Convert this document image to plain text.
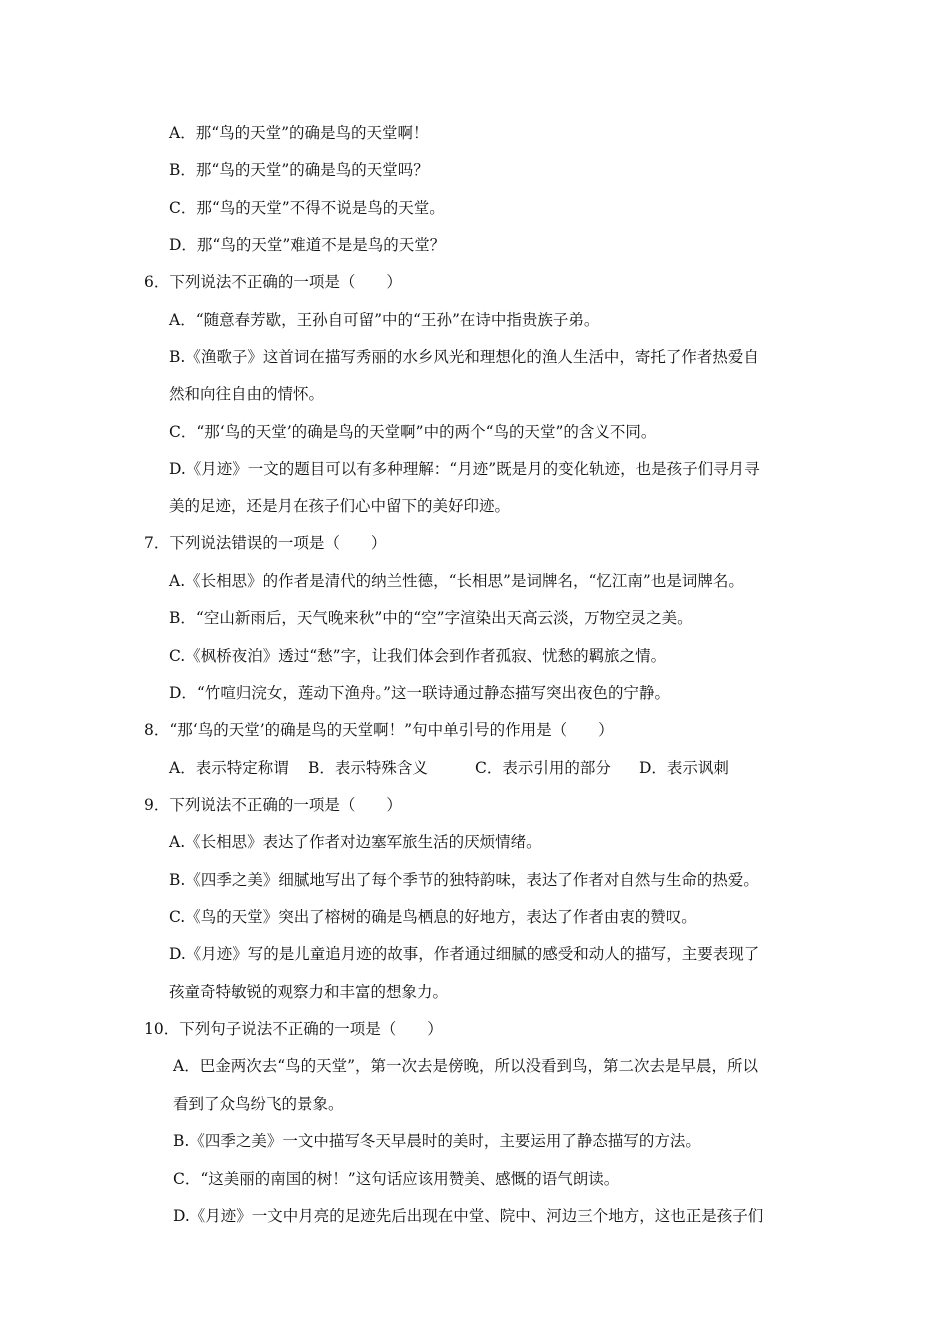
A．那“鸟的天堂”的确是鸟的天堂啊！
B．那“鸟的天堂”的确是鸟的天堂吗？
C．那“鸟的天堂”不得不说是鸟的天堂。
D．那“鸟的天堂”难道不是是鸟的天堂？
6．下列说法不正确的一项是（　　）
A．“随意春芳歇，王孙自可留”中的“王孙”在诗中指贵族子弟。
B.《渔歌子》这首词在描写秀丽的水乡风光和理想化的渔人生活中，寄托了作者热爱自
然和向往自由的情怀。
C．“那‘鸟的天堂’的确是鸟的天堂啊”中的两个“鸟的天堂”的含义不同。
D.《月迹》一文的题目可以有多种理解：“月迹”既是月的变化轨迹，也是孩子们寻月寻
美的足迹，还是月在孩子们心中留下的美好印迹。
7．下列说法错误的一项是（　　）
A.《长相思》的作者是清代的纳兰性德，“长相思”是词牌名，“忆江南”也是词牌名。
B．“空山新雨后，天气晚来秋”中的“空”字渲染出天高云淡，万物空灵之美。
C.《枫桥夜泊》透过“愁”字，让我们体会到作者孤寂、忧愁的羁旅之情。
D．“竹喧归浣女，莲动下渔舟。”这一联诗通过静态描写突出夜色的宁静。
8．“那‘鸟的天堂’的确是鸟的天堂啊！”句中单引号的作用是（　　）
A．表示特定称谓 B．表示特殊含义	C．表示引用的部分 D．表示讽刺
9．下列说法不正确的一项是（　　）
A.《长相思》表达了作者对边塞军旅生活的厌烦情绪。
B.《四季之美》细腻地写出了每个季节的独特韵味，表达了作者对自然与生命的热爱。
C.《鸟的天堂》突出了榕树的确是鸟栖息的好地方，表达了作者由衷的赞叹。
D.《月迹》写的是儿童追月迹的故事，作者通过细腻的感受和动人的描写，主要表现了
孩童奇特敏锐的观察力和丰富的想象力。
10．下列句子说法不正确的一项是（　　）
A．巴金两次去“鸟的天堂”，第一次去是傍晚，所以没看到鸟，第二次去是早晨，所以
看到了众鸟纷飞的景象。
B.《四季之美》一文中描写冬天早晨时的美时，主要运用了静态描写的方法。
C．“这美丽的南国的树！”这句话应该用赞美、感慨的语气朗读。
D.《月迹》一文中月亮的足迹先后出现在中堂、院中、河边三个地方，这也正是孩子们
